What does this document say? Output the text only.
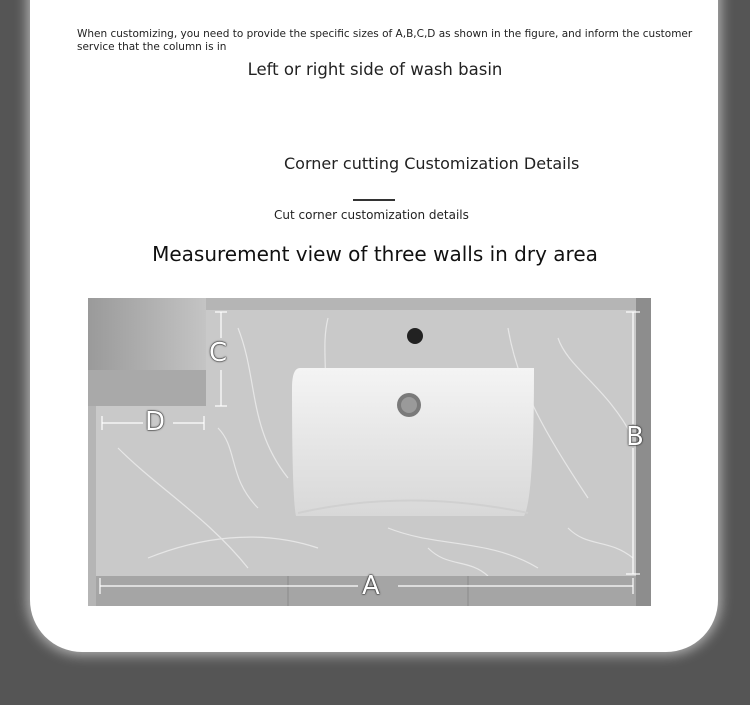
When customizing, you need to provide the specific sizes of A,B,C,D as shown in the figure, and inform the customer service that the column is in
Left or right side of wash basin
Corner cutting Customization Details
Cut corner customization details
Measurement view of three walls in dry area
A
B
C
D
